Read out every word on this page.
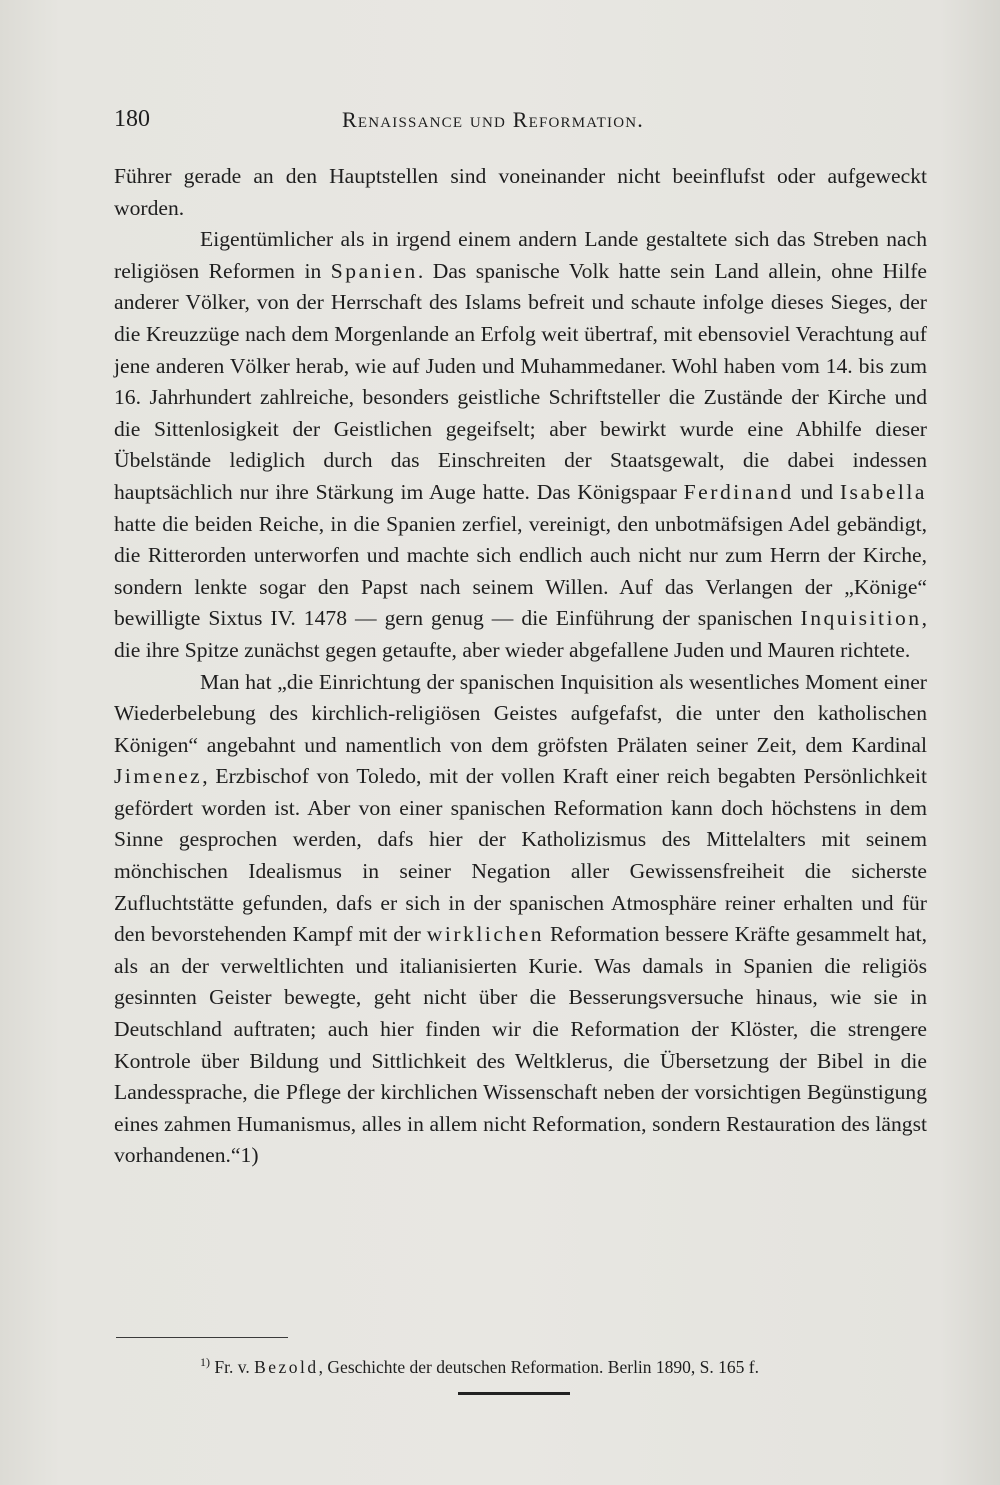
180	Renaissance und Reformation.

Führer gerade an den Hauptstellen sind voneinander nicht beeinflufst oder aufgeweckt worden.

Eigentümlicher als in irgend einem andern Lande gestaltete sich das Streben nach religiösen Reformen in Spanien. Das spanische Volk hatte sein Land allein, ohne Hilfe anderer Völker, von der Herrschaft des Islams befreit und schaute infolge dieses Sieges, der die Kreuzzüge nach dem Morgenlande an Erfolg weit übertraf, mit ebensoviel Verachtung auf jene anderen Völker herab, wie auf Juden und Muhammedaner. Wohl haben vom 14. bis zum 16. Jahrhundert zahlreiche, besonders geistliche Schriftsteller die Zustände der Kirche und die Sittenlosigkeit der Geistlichen gegeifselt; aber bewirkt wurde eine Abhilfe dieser Übelstände lediglich durch das Einschreiten der Staatsgewalt, die dabei indessen hauptsächlich nur ihre Stärkung im Auge hatte. Das Königspaar Ferdinand und Isabella hatte die beiden Reiche, in die Spanien zerfiel, vereinigt, den unbotmäfsigen Adel gebändigt, die Ritterorden unterworfen und machte sich endlich auch nicht nur zum Herrn der Kirche, sondern lenkte sogar den Papst nach seinem Willen. Auf das Verlangen der „Könige“ bewilligte Sixtus IV. 1478 — gern genug — die Einführung der spanischen Inquisition, die ihre Spitze zunächst gegen getaufte, aber wieder abgefallene Juden und Mauren richtete.

Man hat „die Einrichtung der spanischen Inquisition als wesentliches Moment einer Wiederbelebung des kirchlich-religiösen Geistes aufgefafst, die unter den katholischen Königen“ angebahnt und namentlich von dem gröfsten Prälaten seiner Zeit, dem Kardinal Jimenez, Erzbischof von Toledo, mit der vollen Kraft einer reich begabten Persönlichkeit gefördert worden ist. Aber von einer spanischen Reformation kann doch höchstens in dem Sinne gesprochen werden, dafs hier der Katholizismus des Mittelalters mit seinem mönchischen Idealismus in seiner Negation aller Gewissensfreiheit die sicherste Zufluchtstätte gefunden, dafs er sich in der spanischen Atmosphäre reiner erhalten und für den bevorstehenden Kampf mit der wirklichen Reformation bessere Kräfte gesammelt hat, als an der verweltlichten und italianisierten Kurie. Was damals in Spanien die religiös gesinnten Geister bewegte, geht nicht über die Besserungsversuche hinaus, wie sie in Deutschland auftraten; auch hier finden wir die Reformation der Klöster, die strengere Kontrole über Bildung und Sittlichkeit des Weltklerus, die Übersetzung der Bibel in die Landessprache, die Pflege der kirchlichen Wissenschaft neben der vorsichtigen Begünstigung eines zahmen Humanismus, alles in allem nicht Reformation, sondern Restauration des längst vorhandenen.“1)

$^{1)}$ Fr. v. Bezold, Geschichte der deutschen Reformation. Berlin 1890, S. 165 f.
